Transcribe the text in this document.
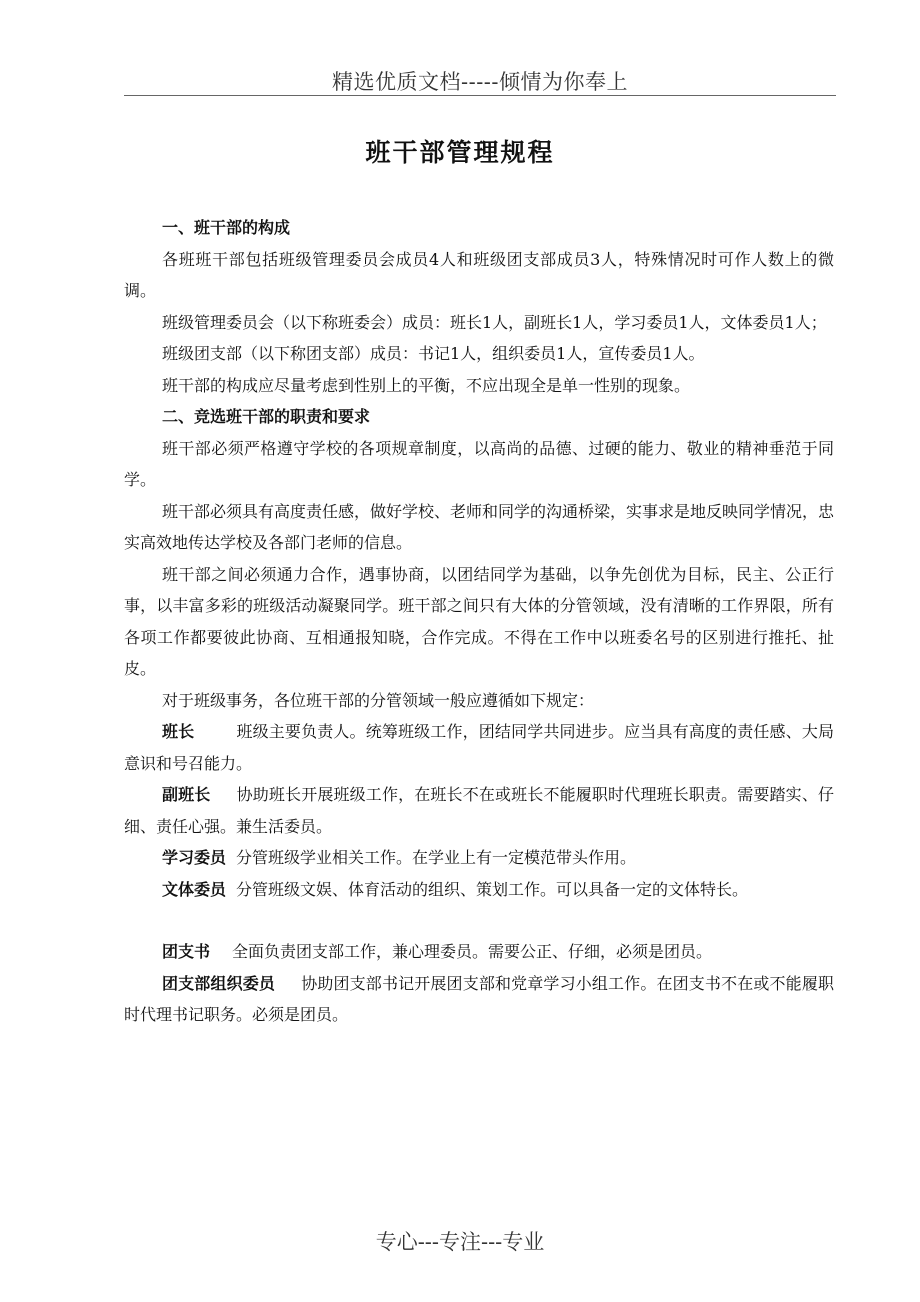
精选优质文档-----倾情为你奉上
班干部管理规程

一、班干部的构成

各班班干部包括班级管理委员会成员4人和班级团支部成员3人，特殊情况时可作人数上的微调。

班级管理委员会（以下称班委会）成员：班长1人，副班长1人，学习委员1人，文体委员1人；

班级团支部（以下称团支部）成员：书记1人，组织委员1人，宣传委员1人。

班干部的构成应尽量考虑到性别上的平衡，不应出现全是单一性别的现象。

二、竞选班干部的职责和要求

班干部必须严格遵守学校的各项规章制度，以高尚的品德、过硬的能力、敬业的精神垂范于同学。

班干部必须具有高度责任感，做好学校、老师和同学的沟通桥梁，实事求是地反映同学情况，忠实高效地传达学校及各部门老师的信息。

班干部之间必须通力合作，遇事协商，以团结同学为基础，以争先创优为目标，民主、公正行事，以丰富多彩的班级活动凝聚同学。班干部之间只有大体的分管领域，没有清晰的工作界限，所有各项工作都要彼此协商、互相通报知晓，合作完成。不得在工作中以班委名号的区别进行推托、扯皮。

对于班级事务，各位班干部的分管领域一般应遵循如下规定：

班长	班级主要负责人。统筹班级工作，团结同学共同进步。应当具有高度的责任感、大局意识和号召能力。

副班长 协助班长开展班级工作，在班长不在或班长不能履职时代理班长职责。需要踏实、仔细、责任心强。兼生活委员。

学习委员 分管班级学业相关工作。在学业上有一定模范带头作用。

文体委员 分管班级文娱、体育活动的组织、策划工作。可以具备一定的文体特长。

团支书 全面负责团支部工作，兼心理委员。需要公正、仔细，必须是团员。

团支部组织委员 协助团支部书记开展团支部和党章学习小组工作。在团支书不在或不能履职时代理书记职务。必须是团员。

专心---专注---专业
